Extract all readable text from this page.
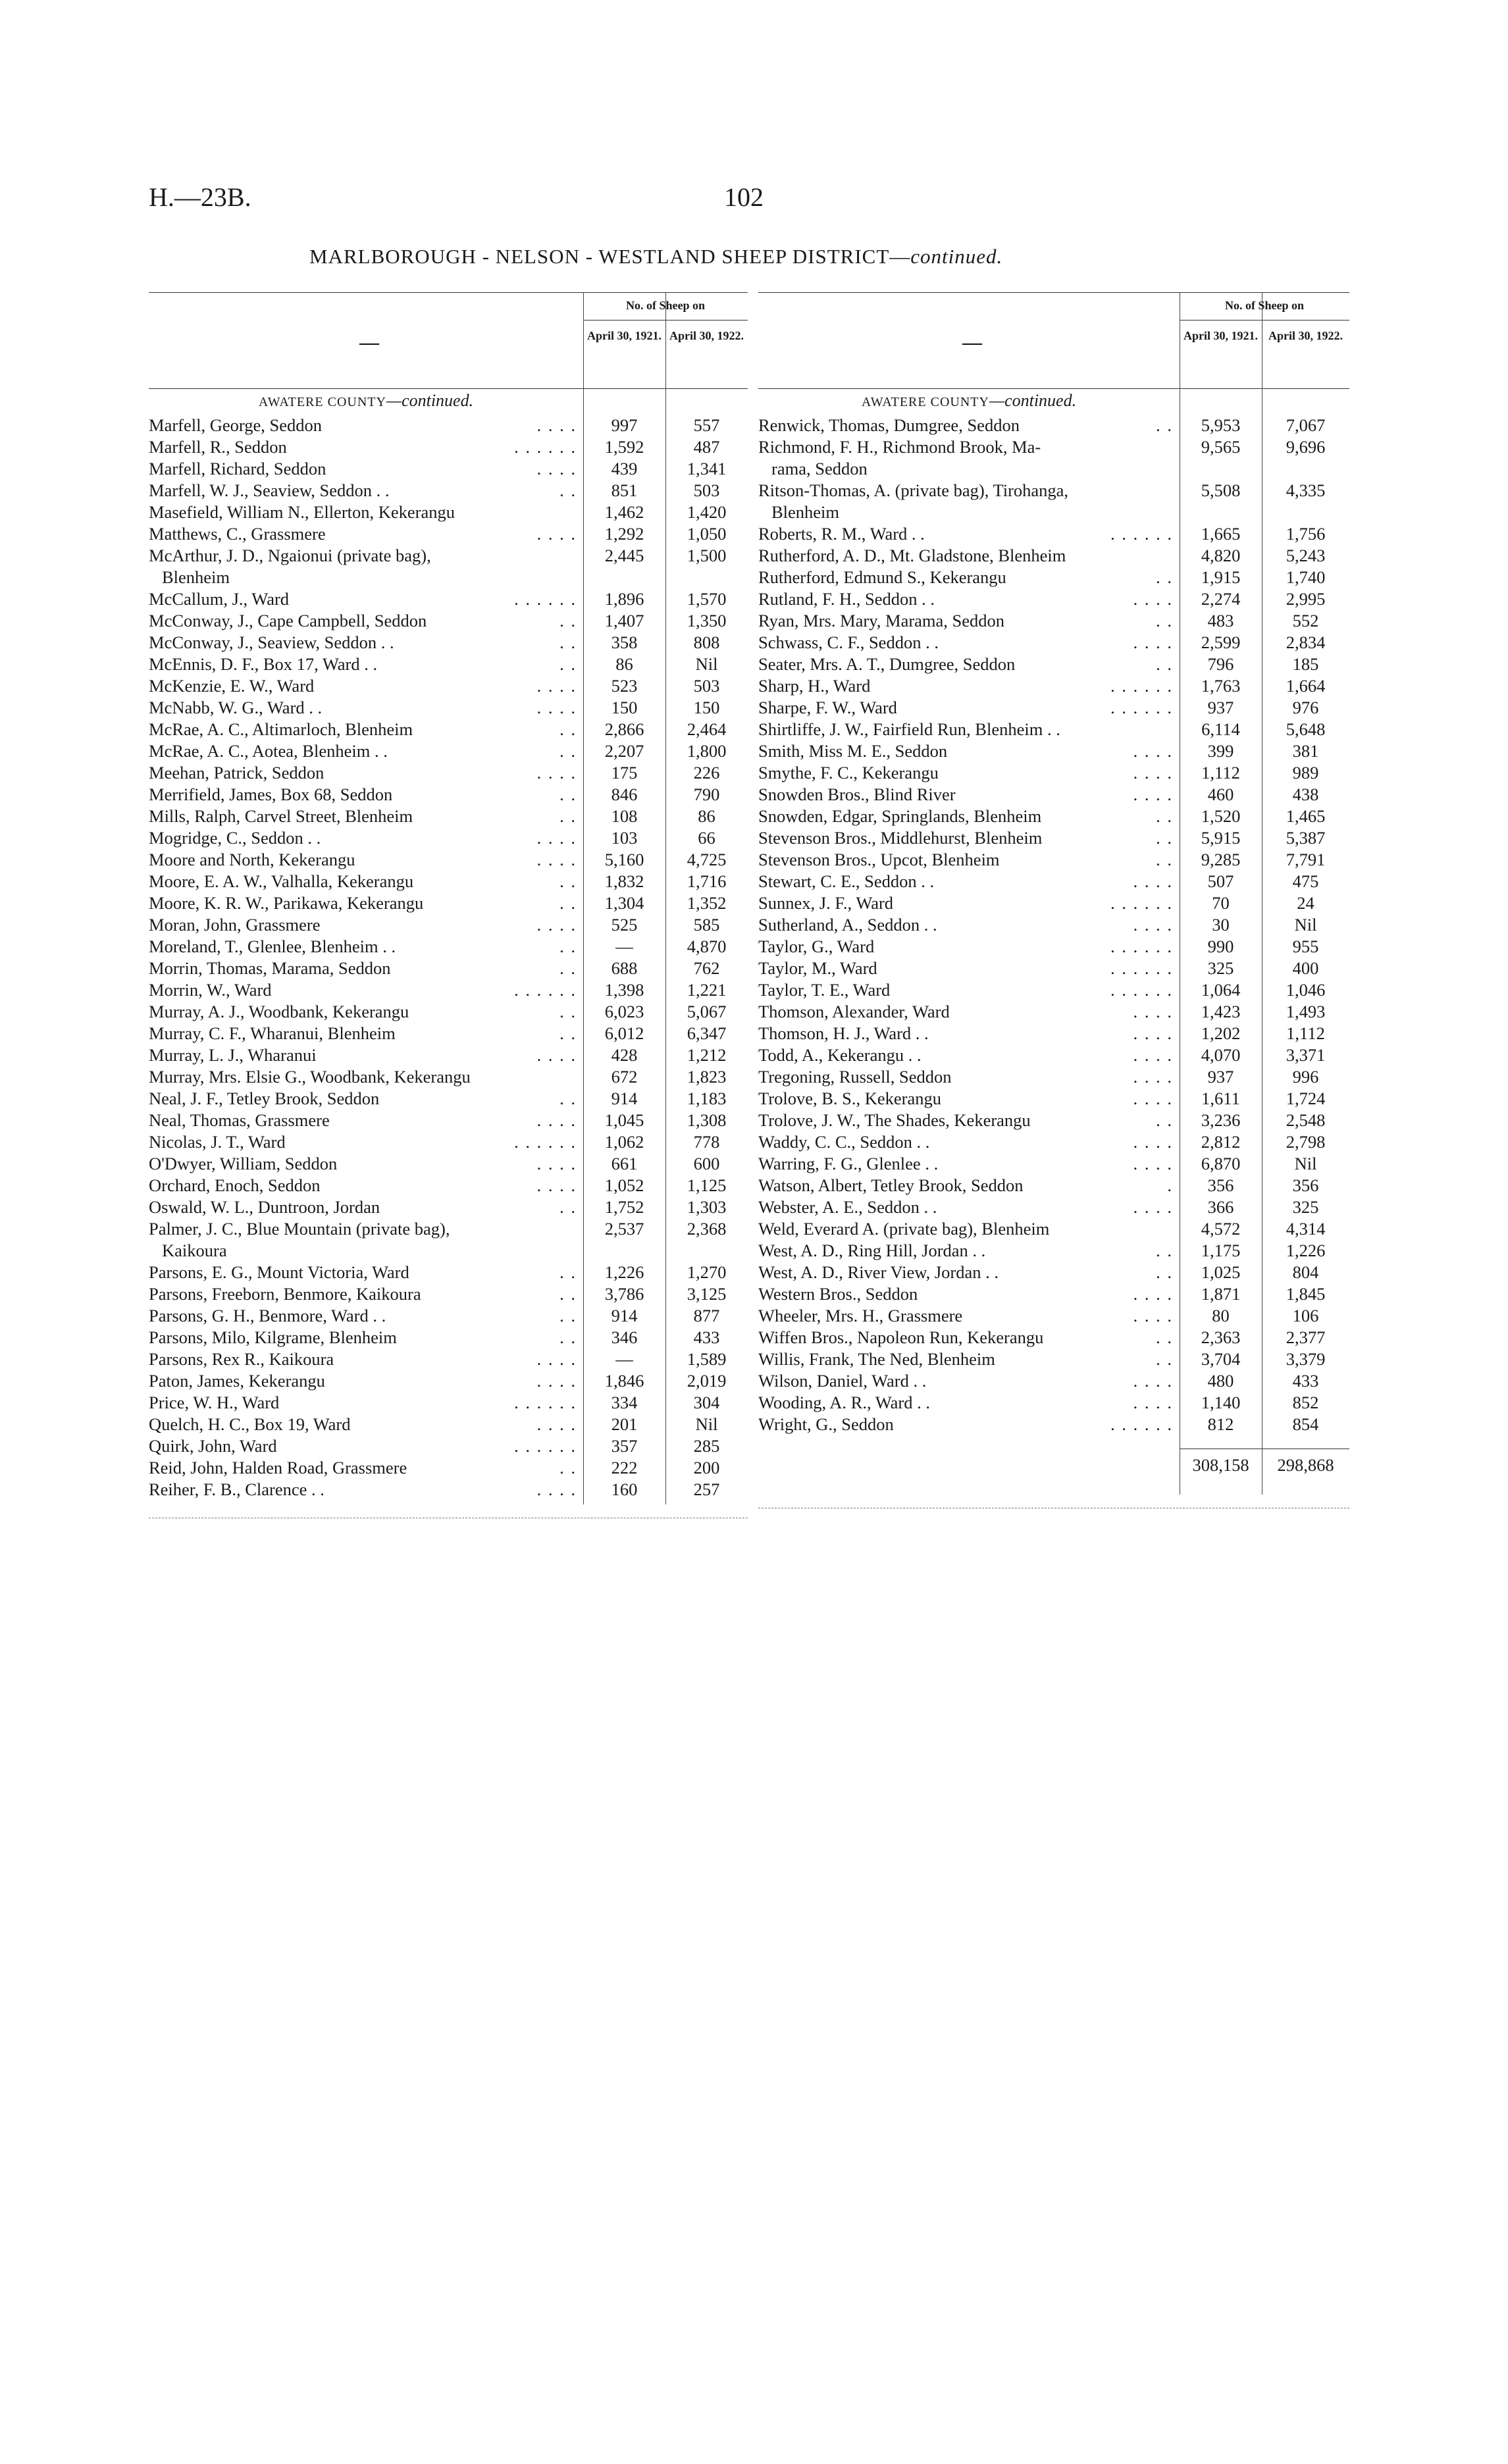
H.—23B.	102
MARLBOROUGH - NELSON - WESTLAND SHEEP DISTRICT—continued.
No. of Sheep on
April 30, 1921. April 30, 1922.
—
AWATERE COUNTY—continued.
Marfell, George, Seddon	. . . .	997	557
Marfell, R., Seddon	. . . . . .	1,592	487
Marfell, Richard, Seddon	. . . .	439	1,341
Marfell, W. J., Seaview, Seddon . .	. .	851	503
Masefield, William N., Ellerton, Kekerangu	1,462	1,420
Matthews, C., Grassmere	. . . .	1,292	1,050
McArthur, J. D., Ngaionui (private bag),
Blenheim
2,445	1,500
McCallum, J., Ward	. . . . . .	1,896	1,570
McConway, J., Cape Campbell, Seddon	. .	1,407	1,350
McConway, J., Seaview, Seddon . .	. .	358	808
McEnnis, D. F., Box 17, Ward . .	. .	86	Nil
McKenzie, E. W., Ward	. . . .	523	503
McNabb, W. G., Ward . .	. . . .	150	150
McRae, A. C., Altimarloch, Blenheim	. .	2,866	2,464
McRae, A. C., Aotea, Blenheim . .	. .	2,207	1,800
Meehan, Patrick, Seddon	. . . .	175	226
Merrifield, James, Box 68, Seddon	. .	846	790
Mills, Ralph, Carvel Street, Blenheim	. .	108	86
Mogridge, C., Seddon . .	. . . .	103	66
Moore and North, Kekerangu	. . . .	5,160	4,725
Moore, E. A. W., Valhalla, Kekerangu	. .	1,832	1,716
Moore, K. R. W., Parikawa, Kekerangu	. .	1,304	1,352
Moran, John, Grassmere	. . . .	525	585
Moreland, T., Glenlee, Blenheim . .	. .	—	4,870
Morrin, Thomas, Marama, Seddon	. .	688	762
Morrin, W., Ward	. . . . . .	1,398	1,221
Murray, A. J., Woodbank, Kekerangu	. .	6,023	5,067
Murray, C. F., Wharanui, Blenheim	. .	6,012	6,347
Murray, L. J., Wharanui	. . . .	428	1,212
Murray, Mrs. Elsie G., Woodbank, Kekerangu	672	1,823
Neal, J. F., Tetley Brook, Seddon	. .	914	1,183
Neal, Thomas, Grassmere	. . . .	1,045	1,308
Nicolas, J. T., Ward	. . . . . .	1,062	778
O'Dwyer, William, Seddon	. . . .	661	600
Orchard, Enoch, Seddon	. . . .	1,052	1,125
Oswald, W. L., Duntroon, Jordan	. .	1,752	1,303
Palmer, J. C., Blue Mountain (private bag),
Kaikoura
2,537	2,368
Parsons, E. G., Mount Victoria, Ward	. .	1,226	1,270
Parsons, Freeborn, Benmore, Kaikoura	. .	3,786	3,125
Parsons, G. H., Benmore, Ward . .	. .	914	877
Parsons, Milo, Kilgrame, Blenheim	. .	346	433
Parsons, Rex R., Kaikoura	. . . .	—	1,589
Paton, James, Kekerangu	. . . .	1,846	2,019
Price, W. H., Ward	. . . . . .	334	304
Quelch, H. C., Box 19, Ward	. . . .	201	Nil
Quirk, John, Ward	. . . . . .	357	285
Reid, John, Halden Road, Grassmere	. .	222	200
Reiher, F. B., Clarence . .	. . . .	160	257
No. of Sheep on
April 30, 1921. April 30, 1922.
—
AWATERE COUNTY—continued.
Renwick, Thomas, Dumgree, Seddon	. .	5,953	7,067
Richmond, F. H., Richmond Brook, Ma-
rama, Seddon
9,565	9,696
Ritson-Thomas, A. (private bag), Tirohanga,
Blenheim
5,508	4,335
Roberts, R. M., Ward . .	. . . . . .	1,665	1,756
Rutherford, A. D., Mt. Gladstone, Blenheim	4,820	5,243
Rutherford, Edmund S., Kekerangu	. .	1,915	1,740
Rutland, F. H., Seddon . .	. . . .	2,274	2,995
Ryan, Mrs. Mary, Marama, Seddon	. .	483	552
Schwass, C. F., Seddon . .	. . . .	2,599	2,834
Seater, Mrs. A. T., Dumgree, Seddon	. .	796	185
Sharp, H., Ward	. . . . . .	1,763	1,664
Sharpe, F. W., Ward	. . . . . .	937	976
Shirtliffe, J. W., Fairfield Run, Blenheim . .	6,114	5,648
Smith, Miss M. E., Seddon	. . . .	399	381
Smythe, F. C., Kekerangu	. . . .	1,112	989
Snowden Bros., Blind River	. . . .	460	438
Snowden, Edgar, Springlands, Blenheim	. .	1,520	1,465
Stevenson Bros., Middlehurst, Blenheim	. .	5,915	5,387
Stevenson Bros., Upcot, Blenheim	. .	9,285	7,791
Stewart, C. E., Seddon . .	. . . .	507	475
Sunnex, J. F., Ward	. . . . . .	70	24
Sutherland, A., Seddon . .	. . . .	30	Nil
Taylor, G., Ward	. . . . . .	990	955
Taylor, M., Ward	. . . . . .	325	400
Taylor, T. E., Ward	. . . . . .	1,064	1,046
Thomson, Alexander, Ward	. . . .	1,423	1,493
Thomson, H. J., Ward . .	. . . .	1,202	1,112
Todd, A., Kekerangu . .	. . . .	4,070	3,371
Tregoning, Russell, Seddon	. . . .	937	996
Trolove, B. S., Kekerangu	. . . .	1,611	1,724
Trolove, J. W., The Shades, Kekerangu	. .	3,236	2,548
Waddy, C. C., Seddon . .	. . . .	2,812	2,798
Warring, F. G., Glenlee . .	. . . .	6,870	Nil
Watson, Albert, Tetley Brook, Seddon	.	356	356
Webster, A. E., Seddon . .	. . . .	366	325
Weld, Everard A. (private bag), Blenheim	4,572	4,314
West, A. D., Ring Hill, Jordan . .	. .	1,175	1,226
West, A. D., River View, Jordan . .	. .	1,025	804
Western Bros., Seddon	. . . .	1,871	1,845
Wheeler, Mrs. H., Grassmere	. . . .	80	106
Wiffen Bros., Napoleon Run, Kekerangu	. .	2,363	2,377
Willis, Frank, The Ned, Blenheim	. .	3,704	3,379
Wilson, Daniel, Ward . .	. . . .	480	433
Wooding, A. R., Ward . .	. . . .	1,140	852
Wright, G., Seddon	. . . . . .	812	854
308,158	298,868
